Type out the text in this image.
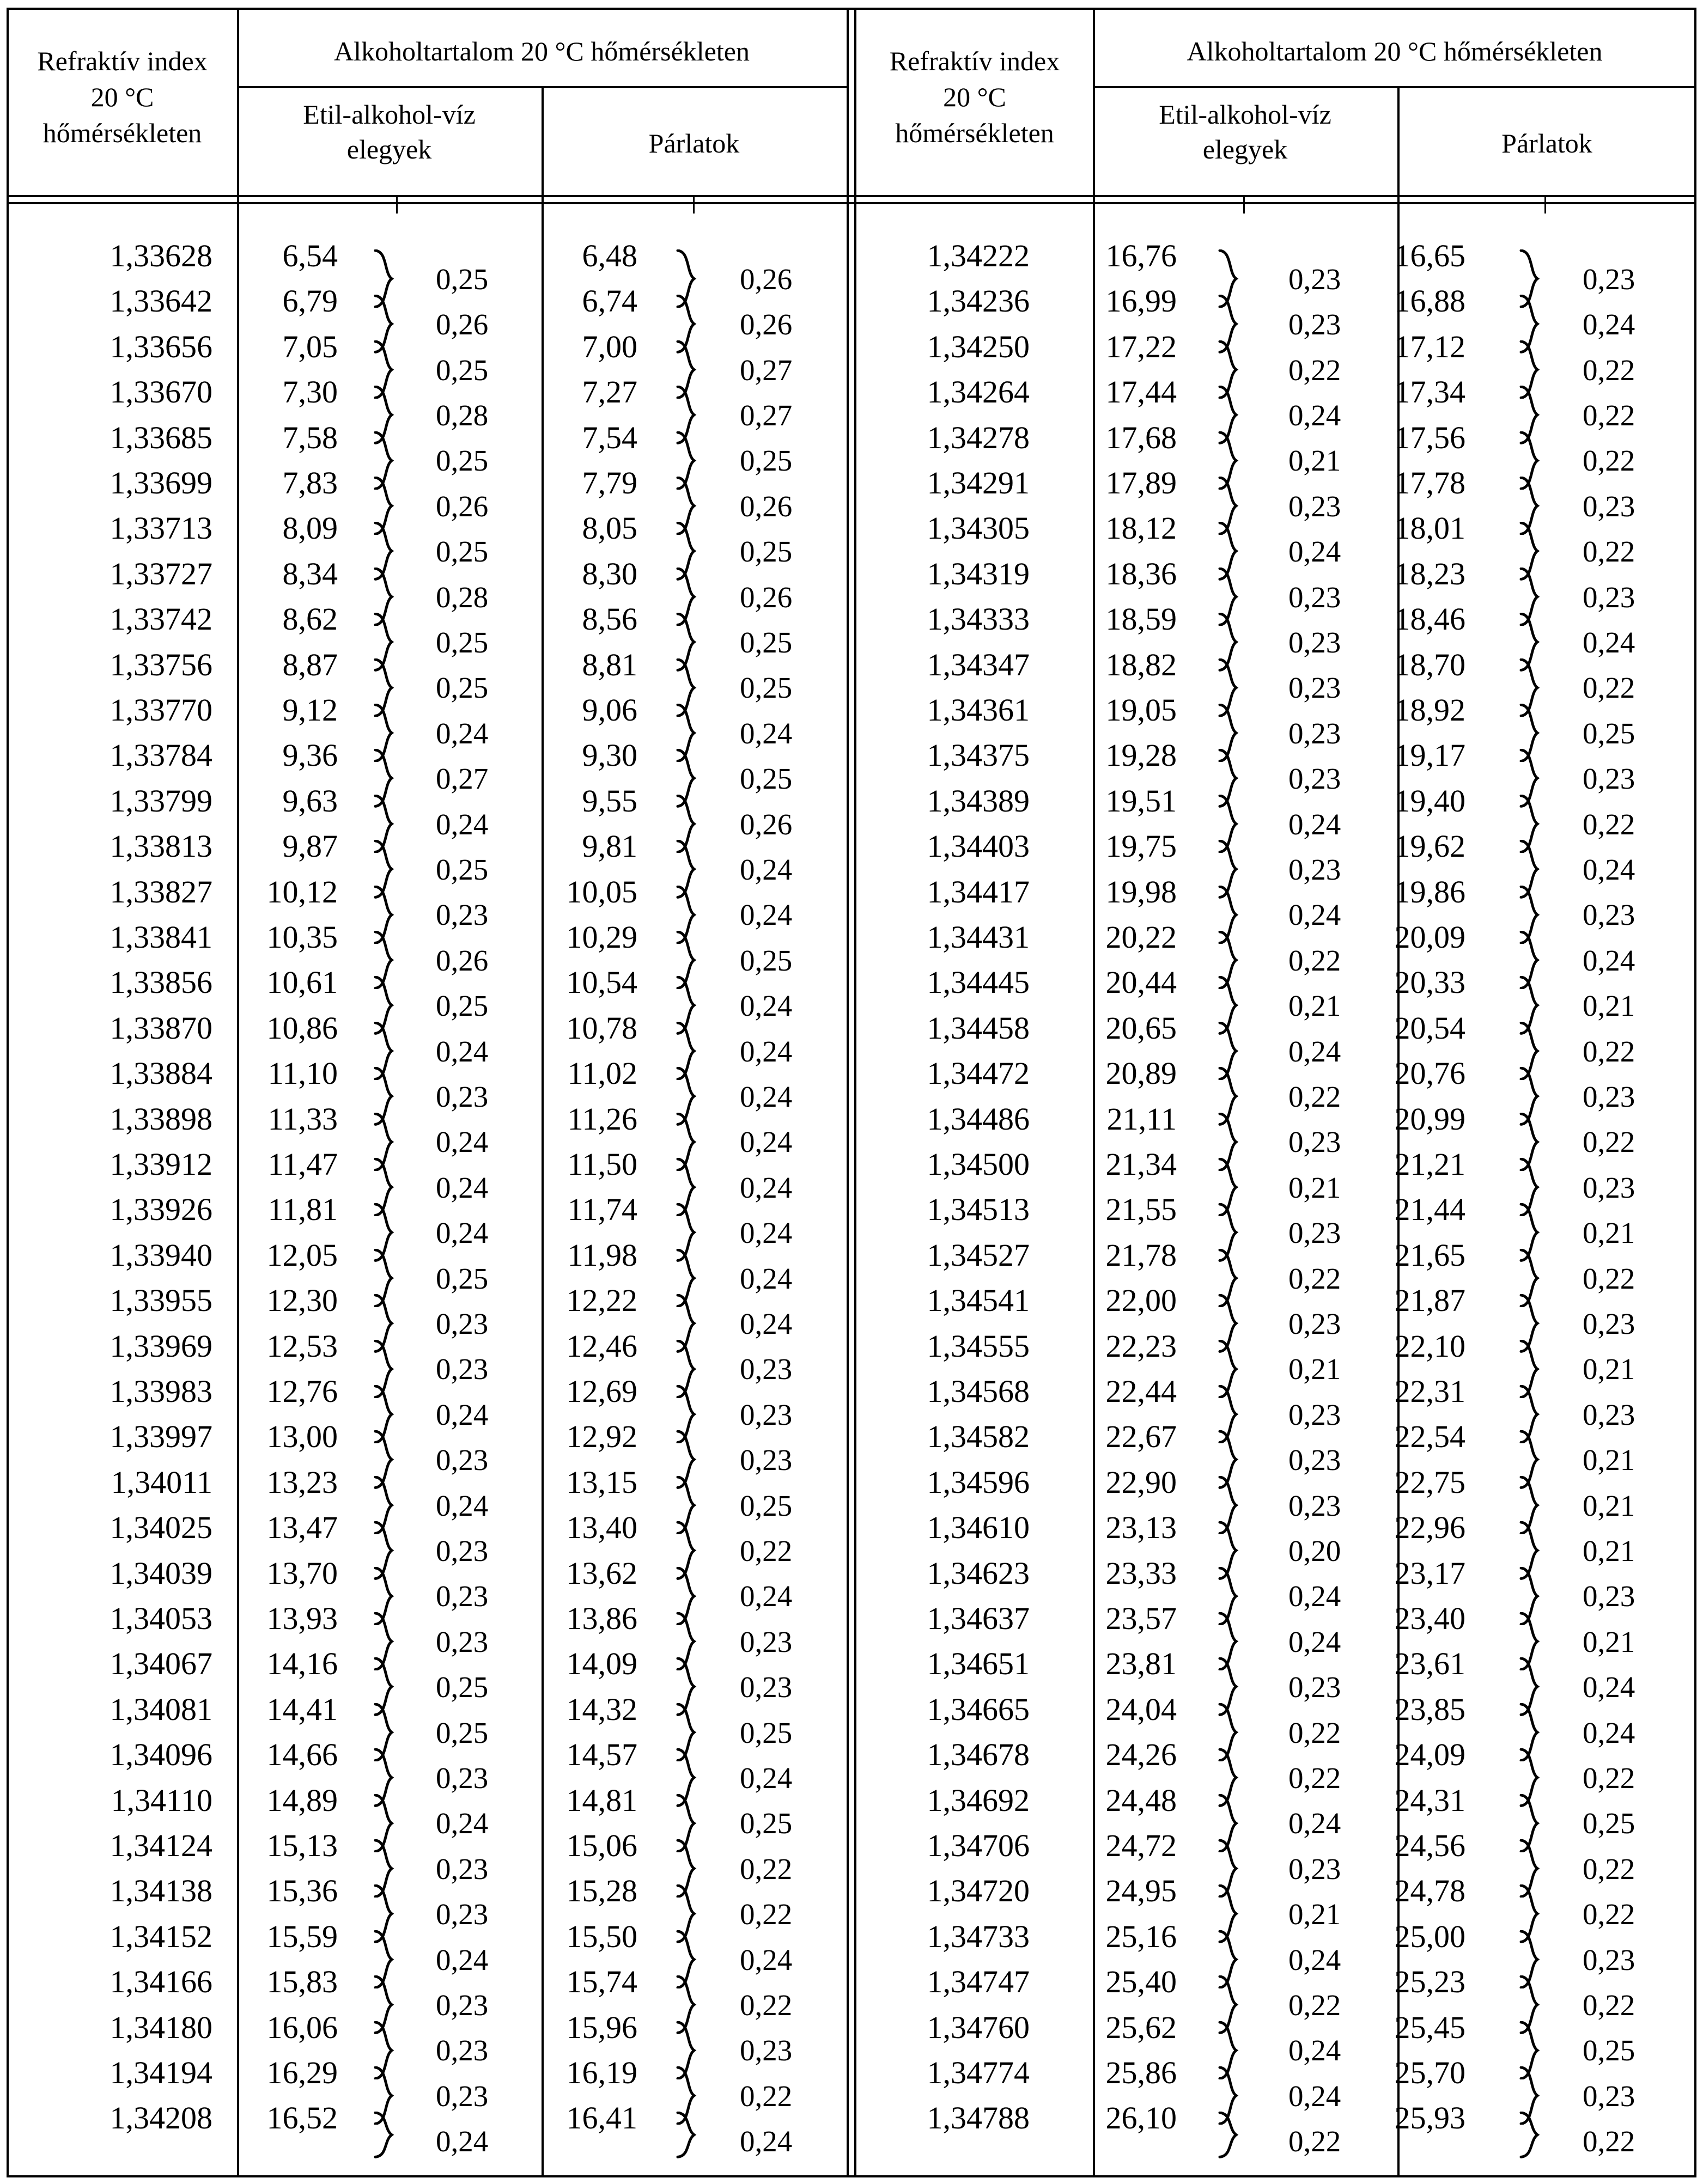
Refraktív index
20 °C
hőmérsékleten
Alkoholtartalom 20 °C hőmérsékleten
Etil-alkohol-víz
elegyek	Párlatok
1,33628	6,54	6,48
0,25	0,26
1,33642	6,79	6,74
0,26	0,26
1,33656	7,05	7,00
0,25	0,27
1,33670	7,30	7,27
0,28	0,27
1,33685	7,58	7,54
0,25	0,25
1,33699	7,83	7,79
0,26	0,26
1,33713	8,09	8,05
0,25	0,25
1,33727	8,34	8,30
0,28	0,26
1,33742	8,62	8,56
0,25	0,25
1,33756	8,87	8,81
0,25	0,25
1,33770	9,12	9,06
0,24	0,24
1,33784	9,36	9,30
0,27	0,25
1,33799	9,63	9,55
0,24	0,26
1,33813	9,87	9,81
0,25	0,24
1,33827	10,12	10,05
0,23	0,24
1,33841	10,35	10,29
0,26	0,25
1,33856	10,61	10,54
0,25	0,24
1,33870	10,86	10,78
0,24	0,24
1,33884	11,10	11,02
0,23	0,24
1,33898	11,33	11,26
0,24	0,24
1,33912	11,47	11,50
0,24	0,24
1,33926	11,81	11,74
0,24	0,24
1,33940	12,05	11,98
0,25	0,24
1,33955	12,30	12,22
0,23	0,24
1,33969	12,53	12,46
0,23	0,23
1,33983	12,76	12,69
0,24	0,23
1,33997	13,00	12,92
0,23	0,23
1,34011	13,23	13,15
0,24	0,25
1,34025	13,47	13,40
0,23	0,22
1,34039	13,70	13,62
0,23	0,24
1,34053	13,93	13,86
0,23	0,23
1,34067	14,16	14,09
0,25	0,23
1,34081	14,41	14,32
0,25	0,25
1,34096	14,66	14,57
0,23	0,24
1,34110	14,89	14,81
0,24	0,25
1,34124	15,13	15,06
0,23	0,22
1,34138	15,36	15,28
0,23	0,22
1,34152	15,59	15,50
0,24	0,24
1,34166	15,83	15,74
0,23	0,22
1,34180	16,06	15,96
0,23	0,23
1,34194	16,29	16,19
0,23	0,22
1,34208	16,52	16,41
0,24	0,24
Refraktív index
20 °C
hőmérsékleten
Alkoholtartalom 20 °C hőmérsékleten
Etil-alkohol-víz
elegyek	Párlatok
1,34222	16,76	16,65
0,23	0,23
1,34236	16,99	16,88
0,23	0,24
1,34250	17,22	17,12
0,22	0,22
1,34264	17,44	17,34
0,24	0,22
1,34278	17,68	17,56
0,21	0,22
1,34291	17,89	17,78
0,23	0,23
1,34305	18,12	18,01
0,24	0,22
1,34319	18,36	18,23
0,23	0,23
1,34333	18,59	18,46
0,23	0,24
1,34347	18,82	18,70
0,23	0,22
1,34361	19,05	18,92
0,23	0,25
1,34375	19,28	19,17
0,23	0,23
1,34389	19,51	19,40
0,24	0,22
1,34403	19,75	19,62
0,23	0,24
1,34417	19,98	19,86
0,24	0,23
1,34431	20,22	20,09
0,22	0,24
1,34445	20,44	20,33
0,21	0,21
1,34458	20,65	20,54
0,24	0,22
1,34472	20,89	20,76
0,22	0,23
1,34486	21,11	20,99
0,23	0,22
1,34500	21,34	21,21
0,21	0,23
1,34513	21,55	21,44
0,23	0,21
1,34527	21,78	21,65
0,22	0,22
1,34541	22,00	21,87
0,23	0,23
1,34555	22,23	22,10
0,21	0,21
1,34568	22,44	22,31
0,23	0,23
1,34582	22,67	22,54
0,23	0,21
1,34596	22,90	22,75
0,23	0,21
1,34610	23,13	22,96
0,20	0,21
1,34623	23,33	23,17
0,24	0,23
1,34637	23,57	23,40
0,24	0,21
1,34651	23,81	23,61
0,23	0,24
1,34665	24,04	23,85
0,22	0,24
1,34678	24,26	24,09
0,22	0,22
1,34692	24,48	24,31
0,24	0,25
1,34706	24,72	24,56
0,23	0,22
1,34720	24,95	24,78
0,21	0,22
1,34733	25,16	25,00
0,24	0,23
1,34747	25,40	25,23
0,22	0,22
1,34760	25,62	25,45
0,24	0,25
1,34774	25,86	25,70
0,24	0,23
1,34788	26,10	25,93
0,22	0,22
